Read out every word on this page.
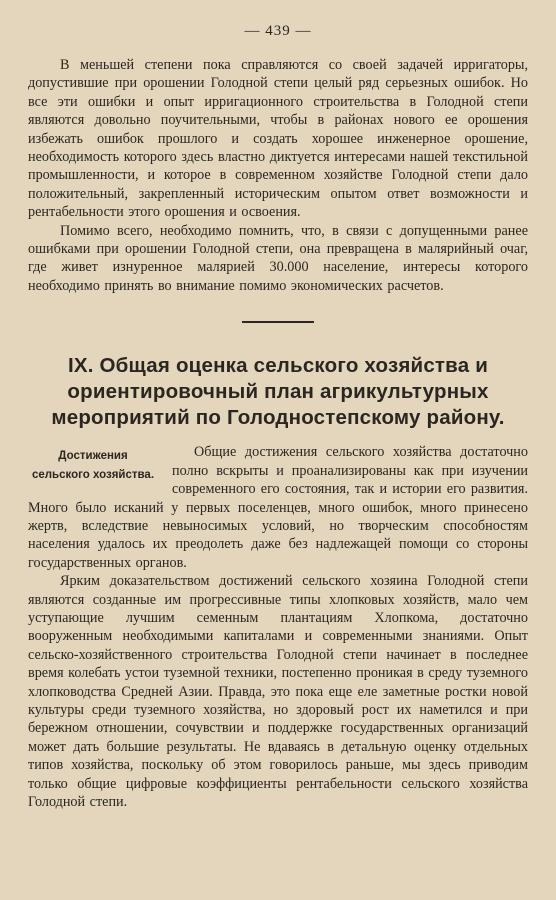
— 439 —

В меньшей степени пока справляются со своей задачей ирригаторы, допустившие при орошении Голодной степи целый ряд серьезных ошибок. Но все эти ошибки и опыт ирригационного строительства в Голодной степи являются довольно поучительными, чтобы в районах нового ее орошения избежать ошибок прошлого и создать хорошее инженерное орошение, необходимость которого здесь властно диктуется интересами нашей текстильной промышленности, и которое в современном хозяйстве Голодной степи дало положительный, закрепленный историческим опытом ответ возможности и рентабельности этого орошения и освоения.

Помимо всего, необходимо помнить, что, в связи с допущенными ранее ошибками при орошении Голодной степи, она превращена в малярийный очаг, где живет изнуренное малярией 30.000 население, интересы которого необходимо принять во внимание помимо экономических расчетов.

IX. Общая оценка сельского хозяйства и ориентировочный план агрикультурных мероприятий по Голодностепскому району.
Достижения сельского хозяйства.

Общие достижения сельского хозяйства достаточно полно вскрыты и проанализированы как при изучении современного его состояния, так и истории его развития. Много было исканий у первых поселенцев, много ошибок, много принесено жертв, вследствие невыносимых условий, но творческим способностям населения удалось их преодолеть даже без надлежащей помощи со стороны государственных органов.

Ярким доказательством достижений сельского хозяина Голодной степи являются созданные им прогрессивные типы хлопковых хозяйств, мало чем уступающие лучшим семенным плантациям Хлопкома, достаточно вооруженным необходимыми капиталами и современными знаниями. Опыт сельско-хозяйственного строительства Голодной степи начинает в последнее время колебать устои туземной техники, постепенно проникая в среду туземного хлопководства Средней Азии. Правда, это пока еще еле заметные ростки новой культуры среди туземного хозяйства, но здоровый рост их наметился и при бережном отношении, сочувствии и поддержке государственных организаций может дать большие результаты. Не вдаваясь в детальную оценку отдельных типов хозяйства, поскольку об этом говорилось раньше, мы здесь приводим только общие цифровые коэффициенты рентабельности сельского хозяйства Голодной степи.
